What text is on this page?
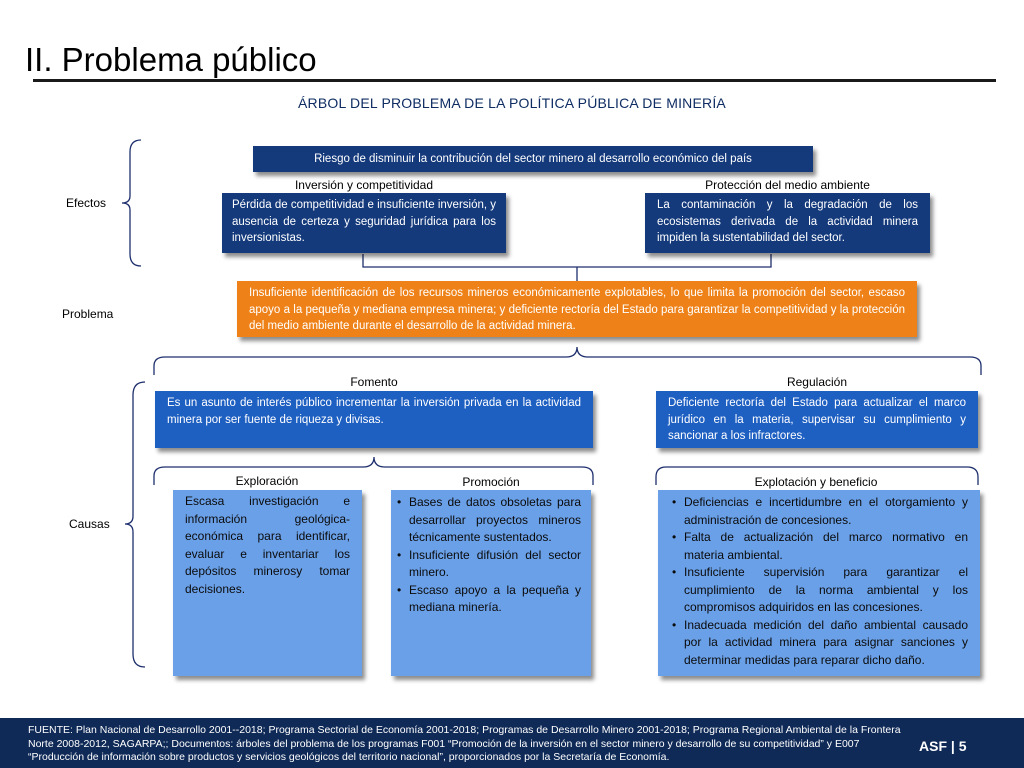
II. Problema público
ÁRBOL DEL PROBLEMA DE LA POLÍTICA PÚBLICA DE MINERÍA
Efectos
Problema
Causas
Riesgo de disminuir la contribución del sector minero al desarrollo económico del país
Inversión y competitividad
Pérdida de competitividad e insuficiente inversión, y ausencia de certeza y seguridad jurídica para los inversionistas.
Protección del medio ambiente
La contaminación y la degradación de los ecosistemas derivada de la actividad minera impiden la sustentabilidad del sector.
Insuficiente identificación de los recursos mineros económicamente explotables, lo que limita la promoción del sector, escaso apoyo a la pequeña y mediana empresa minera; y deficiente rectoría del Estado para garantizar la competitividad y la protección del medio ambiente durante el desarrollo de la actividad minera.
Fomento
Es un asunto de interés público incrementar la inversión privada en la actividad minera por ser fuente de riqueza y divisas.
Regulación
Deficiente rectoría del Estado para actualizar el marco jurídico en la materia, supervisar su cumplimiento y sancionar a los infractores.
Exploración
Escasa investigación e información geológica-económica para identificar, evaluar e inventariar los depósitos minerosy tomar decisiones.
Promoción
• Bases de datos obsoletas para desarrollar proyectos mineros técnicamente sustentados.
• Insuficiente difusión del sector minero.
• Escaso apoyo a la pequeña y mediana minería.
Explotación y beneficio
• Deficiencias e incertidumbre en el otorgamiento y administración de concesiones.
• Falta de actualización del marco normativo en materia ambiental.
• Insuficiente supervisión para garantizar el cumplimiento de la norma ambiental y los compromisos adquiridos en las concesiones.
• Inadecuada medición del daño ambiental causado por la actividad minera para asignar sanciones y determinar medidas para reparar dicho daño.
FUENTE: Plan Nacional de Desarrollo 2001--2018; Programa Sectorial de Economía 2001-2018; Programas de Desarrollo Minero 2001-2018; Programa Regional Ambiental de la Frontera Norte 2008-2012, SAGARPA;; Documentos: árboles del problema de los programas F001 “Promoción de la inversión en el sector minero y desarrollo de su competitividad” y E007 “Producción de información sobre productos y servicios geológicos del territorio nacional”, proporcionados por la Secretaría de Economía.
ASF | 5
